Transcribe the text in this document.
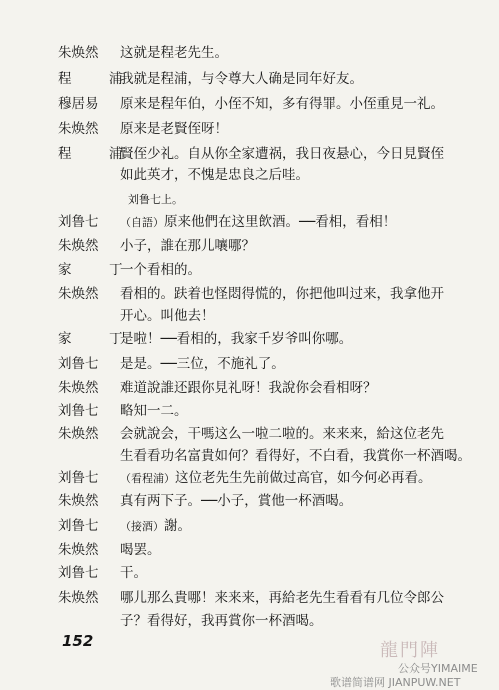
朱焕然 这就是程老先生。
程　浦我就是程浦，与令尊大人确是同年好友。
穆居易 原来是程年伯，小侄不知，多有得罪。小侄重見一礼。
朱焕然 原来是老賢侄呀！
程　浦賢侄少礼。自从你全家遭祸，我日夜悬心，今日見賢侄
如此英才，不愧是忠良之后哇。
刘鲁七上。
刘鲁七 （自語）原来他們在这里飲酒。──看相，看相！
朱焕然 小子，誰在那儿嚷哪？
家　丁一个看相的。
朱焕然 看相的。趺着也怪悶得慌的，你把他叫过来，我拿他开
开心。叫他去！
家　丁是啦！──看相的，我家千岁爷叫你哪。
刘鲁七 是是。──三位，不施礼了。
朱焕然 难道說誰还跟你見礼呀！我說你会看相呀？
刘鲁七 略知一二。
朱焕然 会就說会，干嗎这么一啦二啦的。来来来，給这位老先
生看看功名富貴如何？看得好，不白看，我賞你一杯酒喝。
刘鲁七 （看程浦）这位老先生先前做过高官，如今何必再看。
朱焕然 真有两下子。──小子，賞他一杯酒喝。
刘鲁七 （接酒）謝。
朱焕然 喝罢。
刘鲁七 干。
朱焕然 哪儿那么貴哪！来来来，再給老先生看看有几位令郎公
子？看得好，我再賞你一杯酒喝。
152	龍門陣
公众号YIMAIME
歌谱简谱网 JIANPUW.NET
